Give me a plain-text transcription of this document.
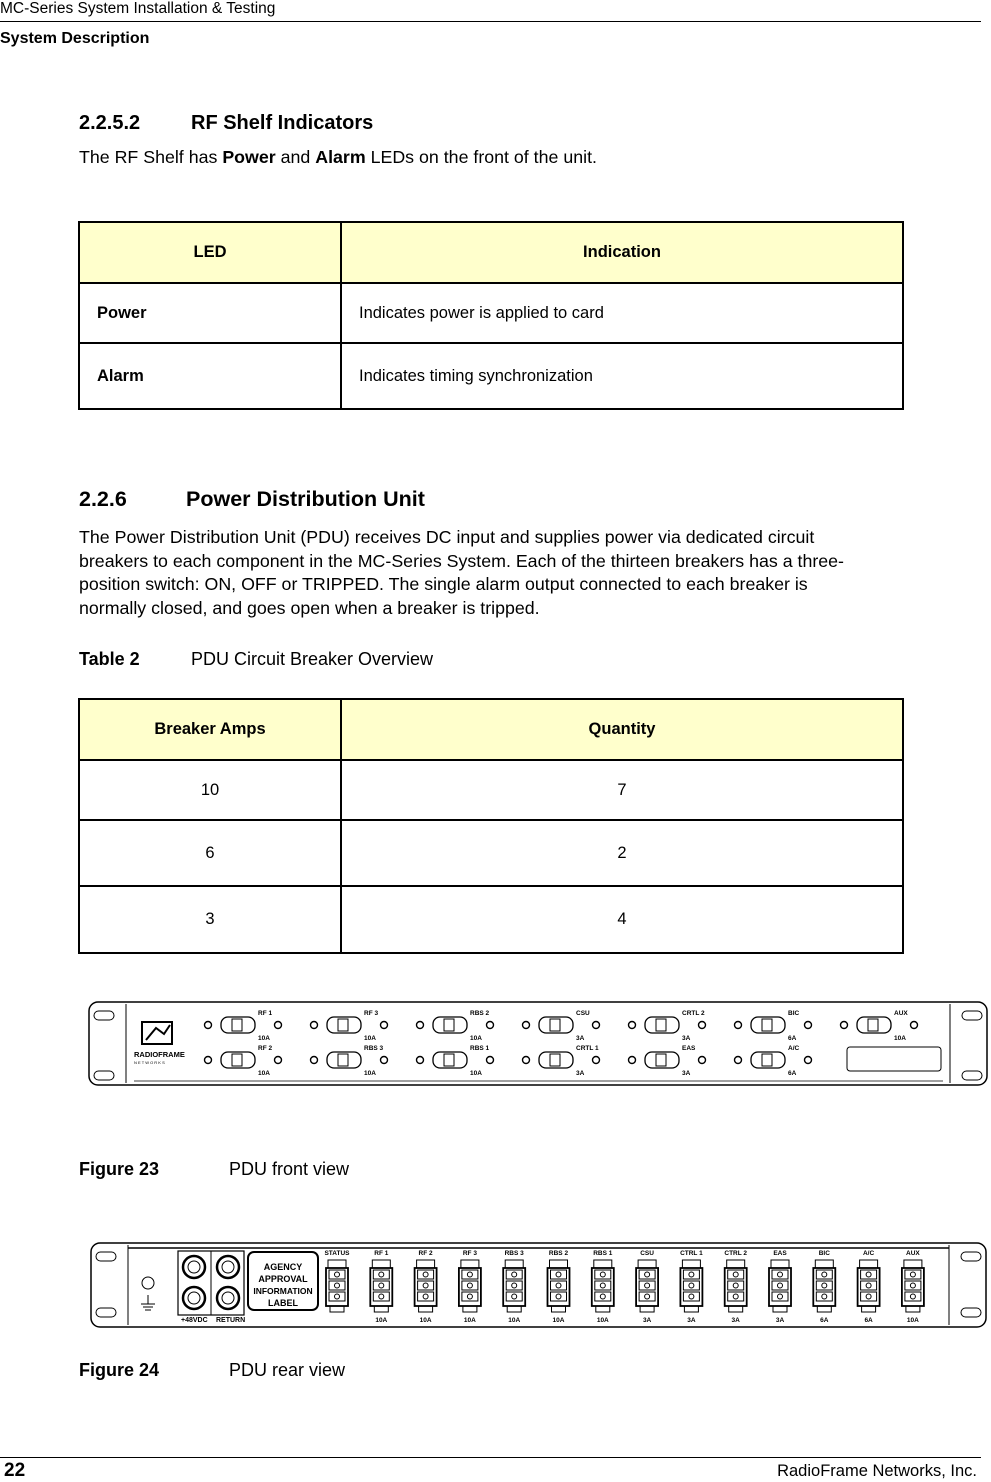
MC-Series System Installation & Testing
System Description
2.2.5.2	RF Shelf Indicators
The RF Shelf has Power and Alarm LEDs on the front of the unit.
LED	Indication
Power	Indicates power is applied to card
Alarm	Indicates timing synchronization
2.2.6	Power Distribution Unit
The Power Distribution Unit (PDU) receives DC input and supplies power via dedicated circuit
breakers to each component in the MC-Series System. Each of the thirteen breakers has a three-
position switch: ON, OFF or TRIPPED. The single alarm output connected to each breaker is
normally closed, and goes open when a breaker is tripped.
Table 2	PDU Circuit Breaker Overview
Breaker Amps	Quantity
10	7
6	2
3	4
RADIOFRAME
N E T W O R K S
RF 1
10A
RF 3
10A
RBS 2
10A
CSU
3A
CRTL 2
3A
BIC
6A
AUX
10A
RF 2
10A
RBS 3
10A
RBS 1
10A
CRTL 1
3A
EAS
3A
A/C
6A
Figure 23	PDU front view
+48VDC RETURN
AGENCY
APPROVAL
INFORMATION
LABEL
STATUS	RF 1
10A
RF 2
10A
RF 3
10A
RBS 3
10A
RBS 2
10A
RBS 1
10A
CSU
3A
CTRL 1
3A
CTRL 2
3A
EAS
3A
BIC
6A
A/C
6A
AUX
10A
Figure 24	PDU rear view
22	RadioFrame Networks, Inc.
